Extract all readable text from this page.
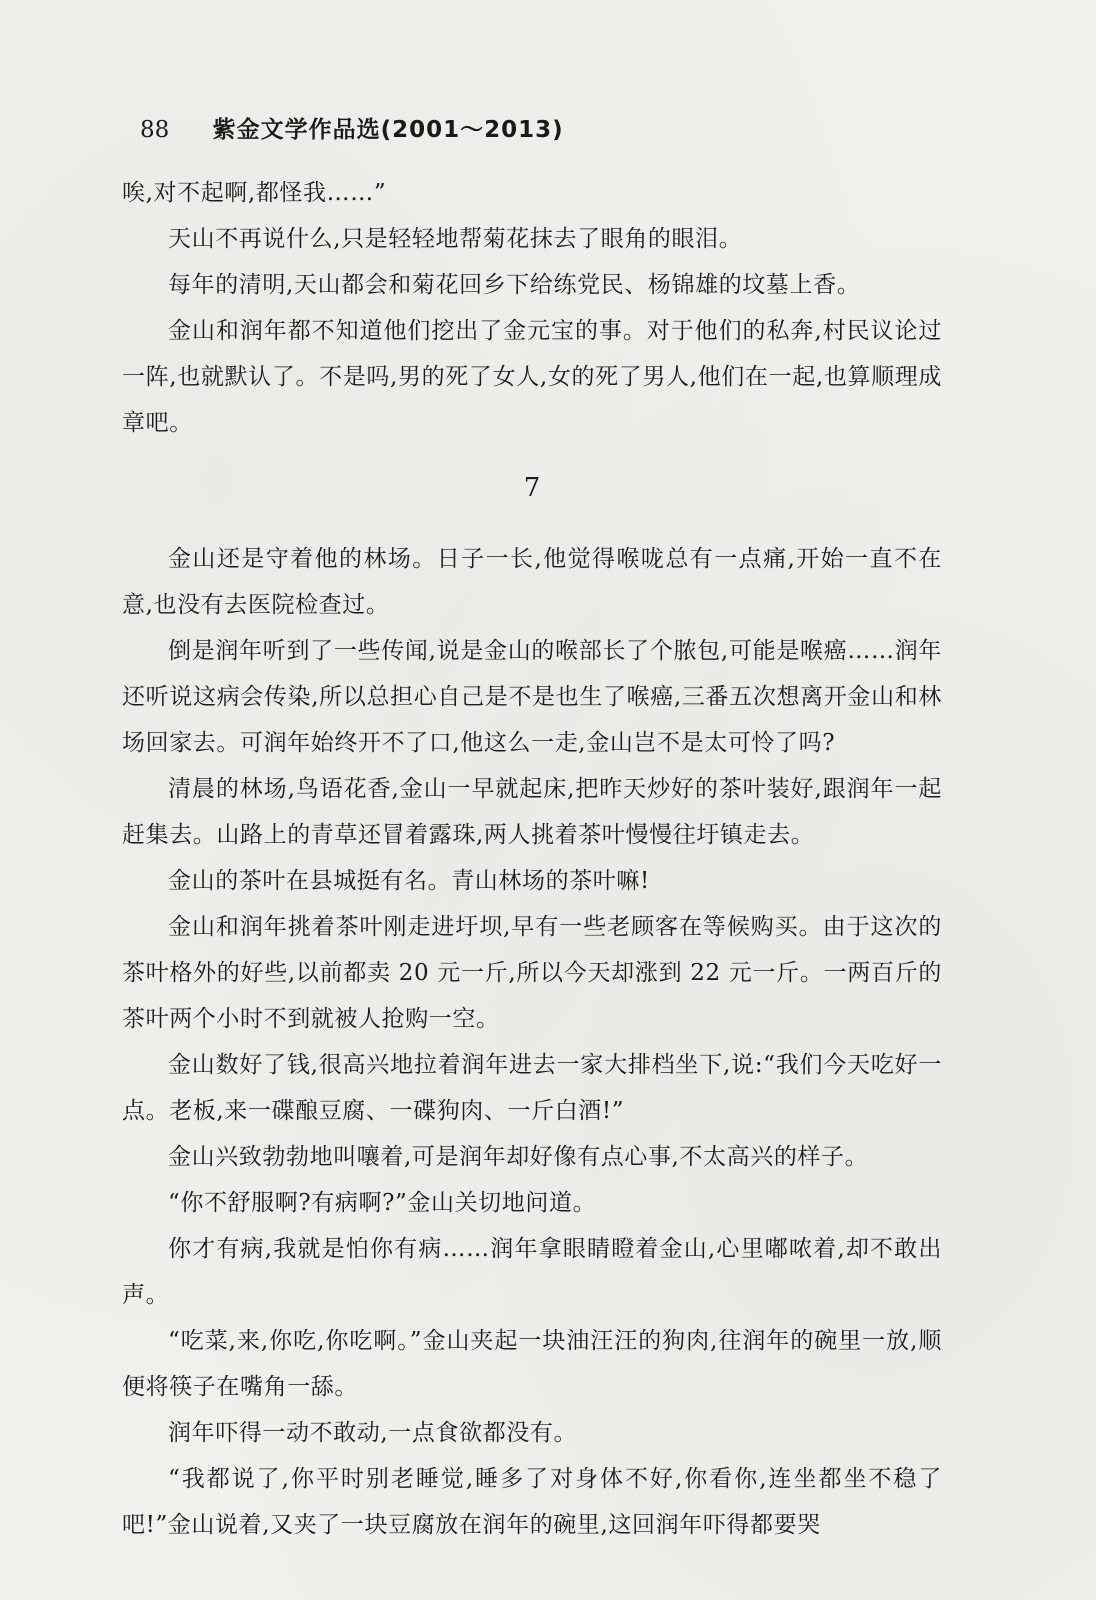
88 紫金文学作品选(2001～2013)

唉,对不起啊,都怪我……”

天山不再说什么,只是轻轻地帮菊花抹去了眼角的眼泪。

每年的清明,天山都会和菊花回乡下给练党民、杨锦雄的坟墓上香。

金山和润年都不知道他们挖出了金元宝的事。对于他们的私奔,村民议论过一阵,也就默认了。不是吗,男的死了女人,女的死了男人,他们在一起,也算顺理成章吧。

7

金山还是守着他的林场。日子一长,他觉得喉咙总有一点痛,开始一直不在意,也没有去医院检查过。

倒是润年听到了一些传闻,说是金山的喉部长了个脓包,可能是喉癌……润年还听说这病会传染,所以总担心自己是不是也生了喉癌,三番五次想离开金山和林场回家去。可润年始终开不了口,他这么一走,金山岂不是太可怜了吗?

清晨的林场,鸟语花香,金山一早就起床,把昨天炒好的茶叶装好,跟润年一起赶集去。山路上的青草还冒着露珠,两人挑着茶叶慢慢往圩镇走去。

金山的茶叶在县城挺有名。青山林场的茶叶嘛!

金山和润年挑着茶叶刚走进圩坝,早有一些老顾客在等候购买。由于这次的茶叶格外的好些,以前都卖 20 元一斤,所以今天却涨到 22 元一斤。一两百斤的茶叶两个小时不到就被人抢购一空。

金山数好了钱,很高兴地拉着润年进去一家大排档坐下,说:“我们今天吃好一点。老板,来一碟酿豆腐、一碟狗肉、一斤白酒!”

金山兴致勃勃地叫嚷着,可是润年却好像有点心事,不太高兴的样子。

“你不舒服啊?有病啊?”金山关切地问道。

你才有病,我就是怕你有病……润年拿眼睛瞪着金山,心里嘟哝着,却不敢出声。

“吃菜,来,你吃,你吃啊。”金山夹起一块油汪汪的狗肉,往润年的碗里一放,顺便将筷子在嘴角一舔。

润年吓得一动不敢动,一点食欲都没有。

“我都说了,你平时别老睡觉,睡多了对身体不好,你看你,连坐都坐不稳了吧!”金山说着,又夹了一块豆腐放在润年的碗里,这回润年吓得都要哭
